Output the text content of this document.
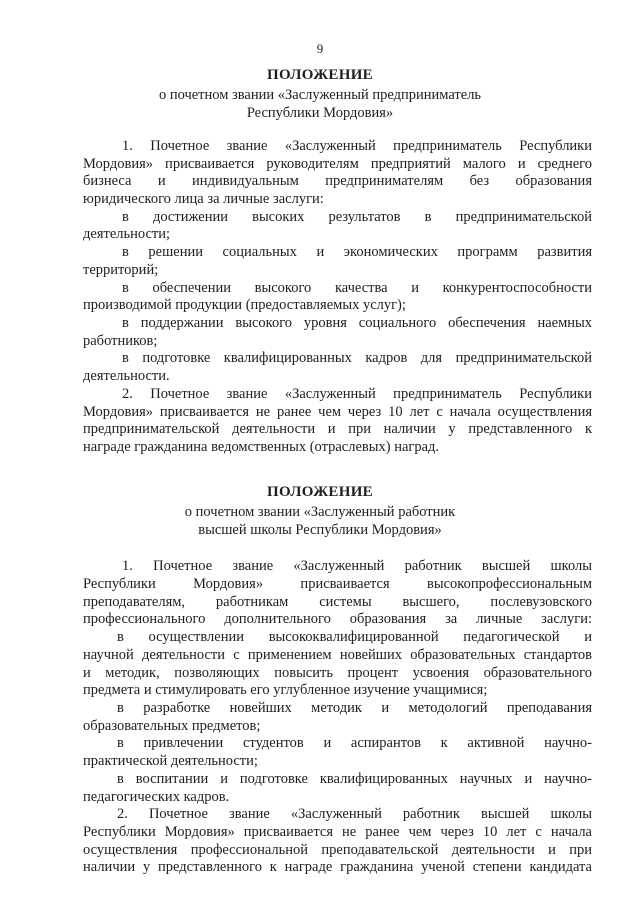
9
ПОЛОЖЕНИЕ
о почетном звании «Заслуженный предприниматель
Республики Мордовия»
1. Почетное звание «Заслуженный предприниматель Республики
Мордовия» присваивается руководителям предприятий малого и среднего
бизнеса и индивидуальным предпринимателям без образования
юридического лица за личные заслуги:
в достижении высоких результатов в предпринимательской
деятельности;
в решении социальных и экономических программ развития
территорий;
в обеспечении высокого качества и конкурентоспособности
производимой продукции (предоставляемых услуг);
в поддержании высокого уровня социального обеспечения наемных
работников;
в подготовке квалифицированных кадров для предпринимательской
деятельности.
2. Почетное звание «Заслуженный предприниматель Республики
Мордовия» присваивается не ранее чем через 10 лет с начала осуществления
предпринимательской деятельности и при наличии у представленного к
награде гражданина ведомственных (отраслевых) наград.
ПОЛОЖЕНИЕ
о почетном звании «Заслуженный работник
высшей школы Республики Мордовия»
1. Почетное звание «Заслуженный работник высшей школы
Республики Мордовия» присваивается высокопрофессиональным
преподавателям, работникам системы высшего, послевузовского
профессионального дополнительного образования за личные заслуги:
в осуществлении высококвалифицированной педагогической и
научной деятельности с применением новейших образовательных стандартов
и методик, позволяющих повысить процент усвоения образовательного
предмета и стимулировать его углубленное изучение учащимися;
в разработке новейших методик и методологий преподавания
образовательных предметов;
в привлечении студентов и аспирантов к активной научно-
практической деятельности;
в воспитании и подготовке квалифицированных научных и научно-
педагогических кадров.
2. Почетное звание «Заслуженный работник высшей школы
Республики Мордовия» присваивается не ранее чем через 10 лет с начала
осуществления профессиональной преподавательской деятельности и при
наличии у представленного к награде гражданина ученой степени кандидата
